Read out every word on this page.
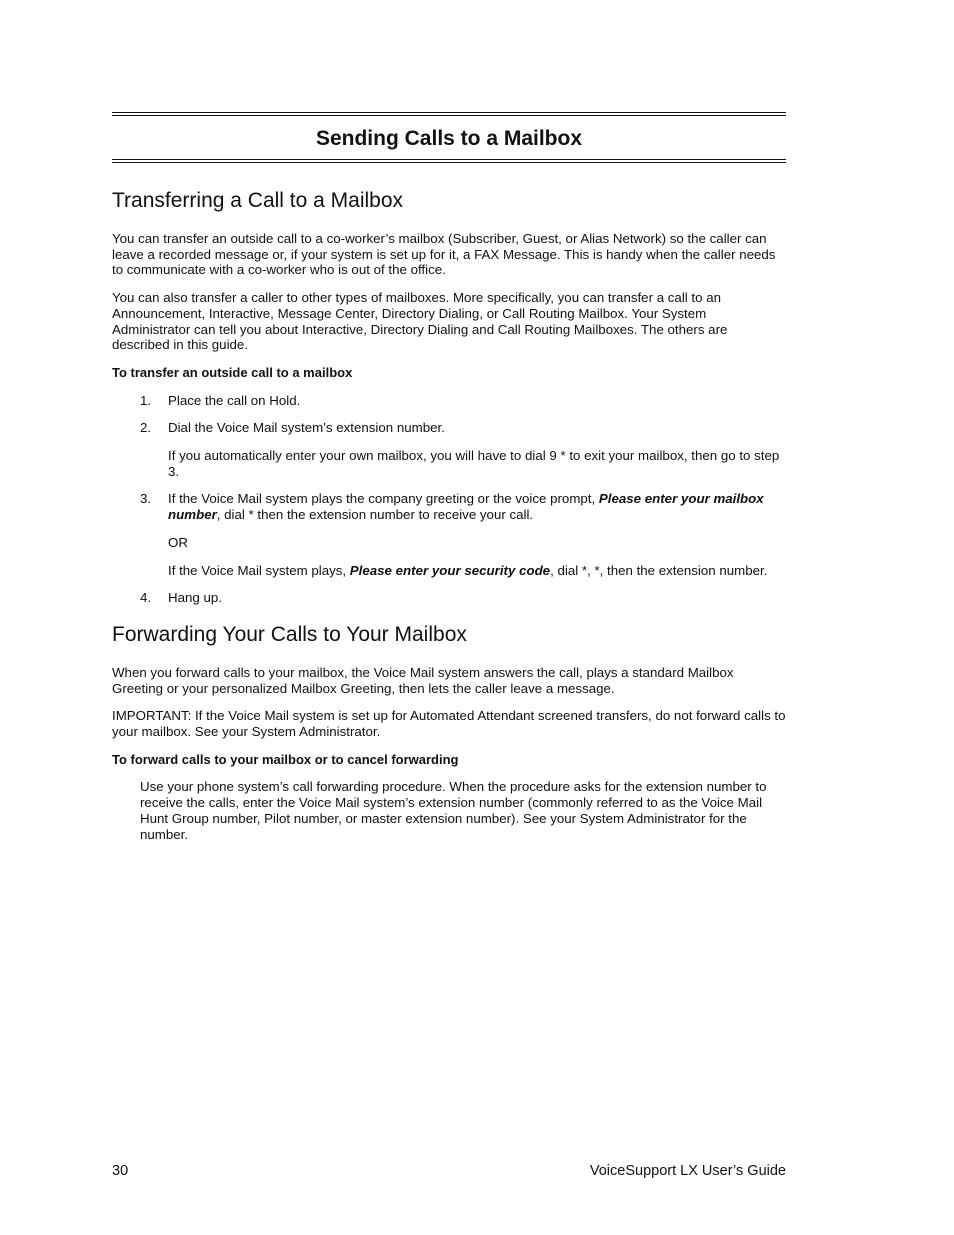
Sending Calls to a Mailbox
Transferring a Call to a Mailbox

You can transfer an outside call to a co-worker’s mailbox (Subscriber, Guest, or Alias Network) so the caller can leave a recorded message or, if your system is set up for it, a FAX Message. This is handy when the caller needs to communicate with a co-worker who is out of the office.

You can also transfer a caller to other types of mailboxes. More specifically, you can transfer a call to an Announcement, Interactive, Message Center, Directory Dialing, or Call Routing Mailbox. Your System Administrator can tell you about Interactive, Directory Dialing and Call Routing Mailboxes. The others are described in this guide.

To transfer an outside call to a mailbox

1.	Place the call on Hold.

2.	Dial the Voice Mail system’s extension number.

If you automatically enter your own mailbox, you will have to dial 9 * to exit your mailbox, then go to step 3.

3.	If the Voice Mail system plays the company greeting or the voice prompt, Please enter your mailbox number, dial * then the extension number to receive your call.

OR

If the Voice Mail system plays, Please enter your security code, dial *, *, then the extension number.

4.	Hang up.

Forwarding Your Calls to Your Mailbox

When you forward calls to your mailbox, the Voice Mail system answers the call, plays a standard Mailbox Greeting or your personalized Mailbox Greeting, then lets the caller leave a message.

IMPORTANT: If the Voice Mail system is set up for Automated Attendant screened transfers, do not forward calls to your mailbox. See your System Administrator.

To forward calls to your mailbox or to cancel forwarding

Use your phone system’s call forwarding procedure. When the procedure asks for the extension number to receive the calls, enter the Voice Mail system’s extension number (commonly referred to as the Voice Mail Hunt Group number, Pilot number, or master extension number). See your System Administrator for the number.

30	VoiceSupport LX User’s Guide
